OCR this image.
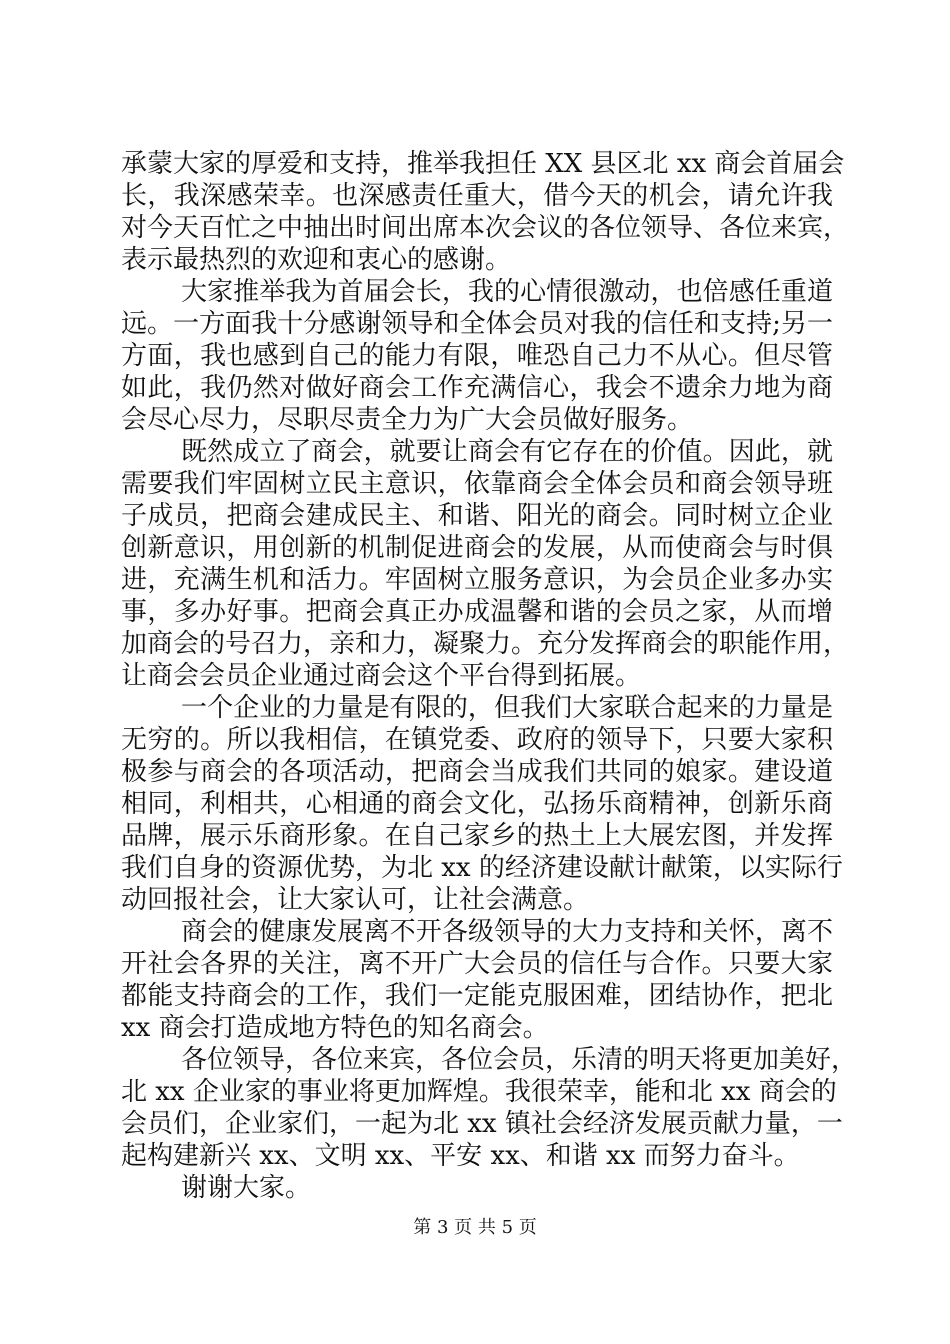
承蒙大家的厚爱和支持，推举我担任 XX 县区北 xx 商会首届会
长，我深感荣幸。也深感责任重大，借今天的机会，请允许我
对今天百忙之中抽出时间出席本次会议的各位领导、各位来宾，
表示最热烈的欢迎和衷心的感谢。
大家推举我为首届会长，我的心情很激动，也倍感任重道
远。一方面我十分感谢领导和全体会员对我的信任和支持;另一
方面，我也感到自己的能力有限，唯恐自己力不从心。但尽管
如此，我仍然对做好商会工作充满信心，我会不遗余力地为商
会尽心尽力，尽职尽责全力为广大会员做好服务。
既然成立了商会，就要让商会有它存在的价值。因此，就
需要我们牢固树立民主意识，依靠商会全体会员和商会领导班
子成员，把商会建成民主、和谐、阳光的商会。同时树立企业
创新意识，用创新的机制促进商会的发展，从而使商会与时俱
进，充满生机和活力。牢固树立服务意识，为会员企业多办实
事，多办好事。把商会真正办成温馨和谐的会员之家，从而增
加商会的号召力，亲和力，凝聚力。充分发挥商会的职能作用，
让商会会员企业通过商会这个平台得到拓展。
一个企业的力量是有限的，但我们大家联合起来的力量是
无穷的。所以我相信，在镇党委、政府的领导下，只要大家积
极参与商会的各项活动，把商会当成我们共同的娘家。建设道
相同，利相共，心相通的商会文化，弘扬乐商精神，创新乐商
品牌，展示乐商形象。在自己家乡的热土上大展宏图，并发挥
我们自身的资源优势，为北 xx 的经济建设献计献策，以实际行
动回报社会，让大家认可，让社会满意。
商会的健康发展离不开各级领导的大力支持和关怀，离不
开社会各界的关注，离不开广大会员的信任与合作。只要大家
都能支持商会的工作，我们一定能克服困难，团结协作，把北
xx 商会打造成地方特色的知名商会。
各位领导，各位来宾，各位会员，乐清的明天将更加美好，
北 xx 企业家的事业将更加辉煌。我很荣幸，能和北 xx 商会的
会员们，企业家们，一起为北 xx 镇社会经济发展贡献力量，一
起构建新兴 xx、文明 xx、平安 xx、和谐 xx 而努力奋斗。
谢谢大家。
第 3 页 共 5 页
